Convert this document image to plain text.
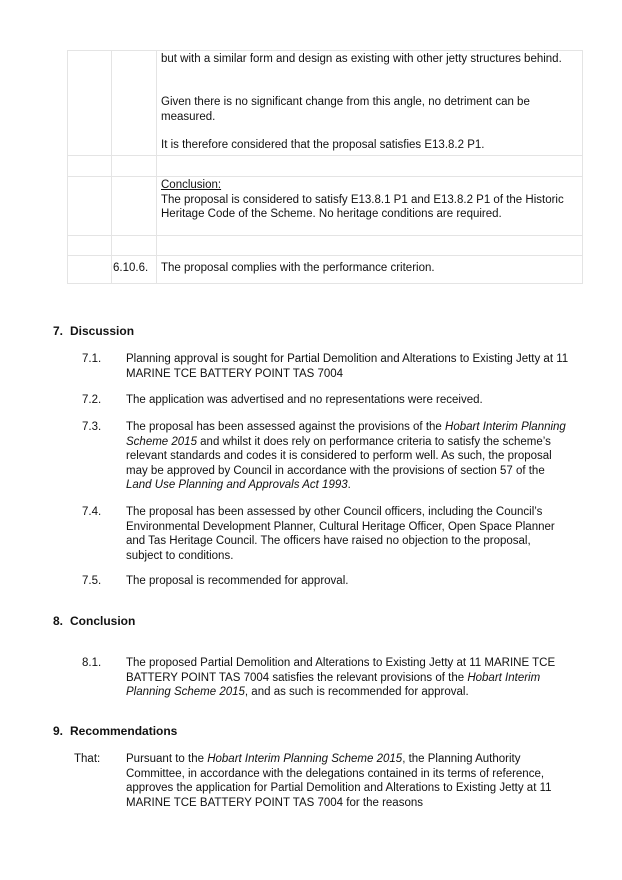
but with a similar form and design as existing with other jetty structures behind.
Given there is no significant change from this angle, no detriment can be measured.
It is therefore considered that the proposal satisfies E13.8.2 P1.
Conclusion:
The proposal is considered to satisfy E13.8.1 P1 and E13.8.2 P1 of the Historic Heritage Code of the Scheme. No heritage conditions are required.
6.10.6. The proposal complies with the performance criterion.
7. Discussion
7.1. Planning approval is sought for Partial Demolition and Alterations to Existing Jetty at 11 MARINE TCE BATTERY POINT TAS 7004
7.2. The application was advertised and no representations were received.
7.3. The proposal has been assessed against the provisions of the Hobart Interim Planning Scheme 2015 and whilst it does rely on performance criteria to satisfy the scheme’s relevant standards and codes it is considered to perform well. As such, the proposal may be approved by Council in accordance with the provisions of section 57 of the Land Use Planning and Approvals Act 1993.
7.4. The proposal has been assessed by other Council officers, including the Council’s Environmental Development Planner, Cultural Heritage Officer, Open Space Planner and Tas Heritage Council. The officers have raised no objection to the proposal, subject to conditions.
7.5. The proposal is recommended for approval.
8. Conclusion
8.1. The proposed Partial Demolition and Alterations to Existing Jetty at 11 MARINE TCE BATTERY POINT TAS 7004 satisfies the relevant provisions of the Hobart Interim Planning Scheme 2015, and as such is recommended for approval.
9. Recommendations
That: Pursuant to the Hobart Interim Planning Scheme 2015, the Planning Authority Committee, in accordance with the delegations contained in its terms of reference, approves the application for Partial Demolition and Alterations to Existing Jetty at 11 MARINE TCE BATTERY POINT TAS 7004 for the reasons
